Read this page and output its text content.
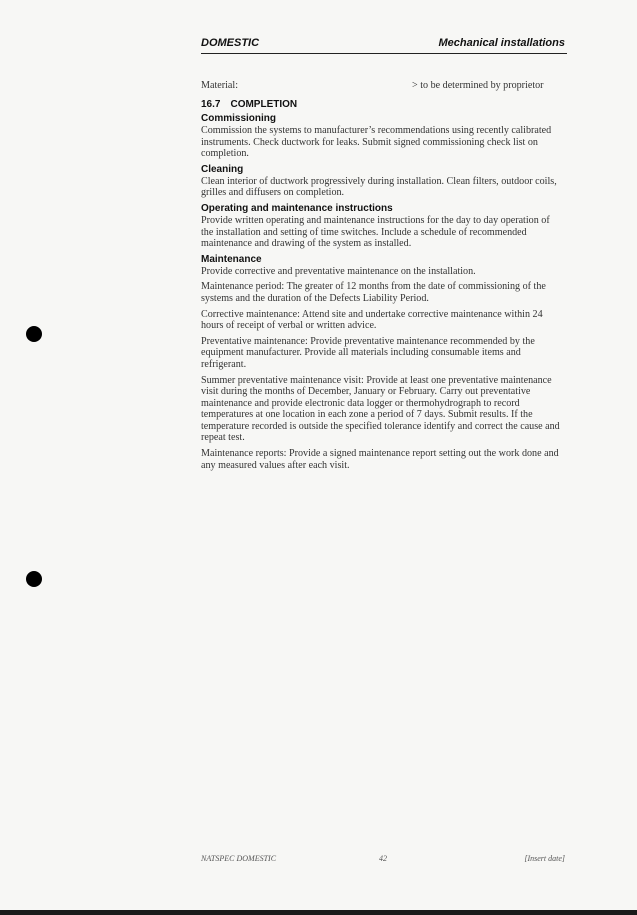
DOMESTIC	Mechanical installations
Material:	> to be determined by proprietor
16.7 COMPLETION
Commissioning

Commission the systems to manufacturer’s recommendations using recently calibrated instruments. Check ductwork for leaks. Submit signed commissioning check list on completion.

Cleaning

Clean interior of ductwork progressively during installation. Clean filters, outdoor coils, grilles and diffusers on completion.

Operating and maintenance instructions

Provide written operating and maintenance instructions for the day to day operation of the installation and setting of time switches. Include a schedule of recommended maintenance and drawing of the system as installed.

Maintenance

Provide corrective and preventative maintenance on the installation.

Maintenance period: The greater of 12 months from the date of commissioning of the systems and the duration of the Defects Liability Period.

Corrective maintenance: Attend site and undertake corrective maintenance within 24 hours of receipt of verbal or written advice.

Preventative maintenance: Provide preventative maintenance recommended by the equipment manufacturer. Provide all materials including consumable items and refrigerant.

Summer preventative maintenance visit: Provide at least one preventative maintenance visit during the months of December, January or February. Carry out preventative maintenance and provide electronic data logger or thermohydrograph to record temperatures at one location in each zone a period of 7 days. Submit results. If the temperature recorded is outside the specified tolerance identify and correct the cause and repeat test.

Maintenance reports: Provide a signed maintenance report setting out the work done and any measured values after each visit.

NATSPEC DOMESTIC	42	[Insert date]
